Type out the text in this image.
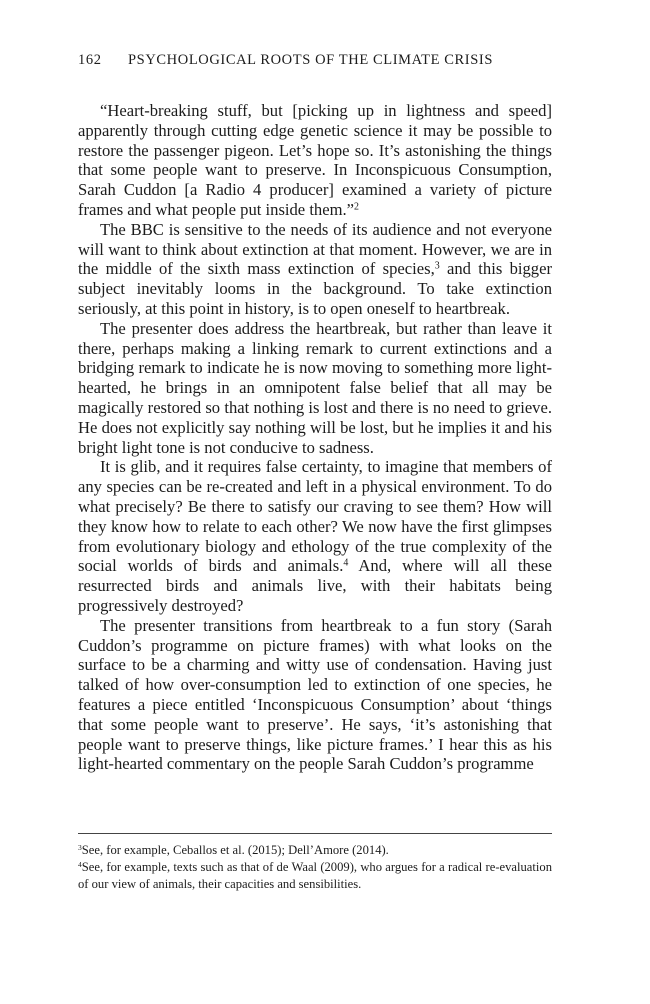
162 PSYCHOLOGICAL ROOTS OF THE CLIMATE CRISIS

“Heart-breaking stuff, but [picking up in lightness and speed] apparently through cutting edge genetic science it may be possible to restore the passenger pigeon. Let’s hope so. It’s astonishing the things that some people want to preserve. In Inconspicuous Consumption, Sarah Cuddon [a Radio 4 producer] examined a variety of picture frames and what people put inside them.”$^2$

The BBC is sensitive to the needs of its audience and not everyone will want to think about extinction at that moment. However, we are in the middle of the sixth mass extinction of species,$^3$ and this bigger subject inevitably looms in the background. To take extinction seriously, at this point in history, is to open oneself to heartbreak.

The presenter does address the heartbreak, but rather than leave it there, perhaps making a linking remark to current extinctions and a bridging remark to indicate he is now moving to something more light-hearted, he brings in an omnipotent false belief that all may be magically restored so that nothing is lost and there is no need to grieve. He does not explicitly say nothing will be lost, but he implies it and his bright light tone is not conducive to sadness.

It is glib, and it requires false certainty, to imagine that members of any species can be re-created and left in a physical environment. To do what precisely? Be there to satisfy our craving to see them? How will they know how to relate to each other? We now have the first glimpses from evolutionary biology and ethology of the true complexity of the social worlds of birds and animals.$^4$ And, where will all these resurrected birds and animals live, with their habitats being progressively destroyed?

The presenter transitions from heartbreak to a fun story (Sarah Cuddon’s programme on picture frames) with what looks on the surface to be a charming and witty use of condensation. Having just talked of how over-consumption led to extinction of one species, he features a piece entitled ‘Inconspicuous Consumption’ about ‘things that some people want to preserve’. He says, ‘it’s astonishing that people want to preserve things, like picture frames.’ I hear this as his light-hearted commentary on the people Sarah Cuddon’s programme

$^3$See, for example, Ceballos et al. (2015); Dell’Amore (2014).

$^4$See, for example, texts such as that of de Waal (2009), who argues for a radical re-evaluation of our view of animals, their capacities and sensibilities.
